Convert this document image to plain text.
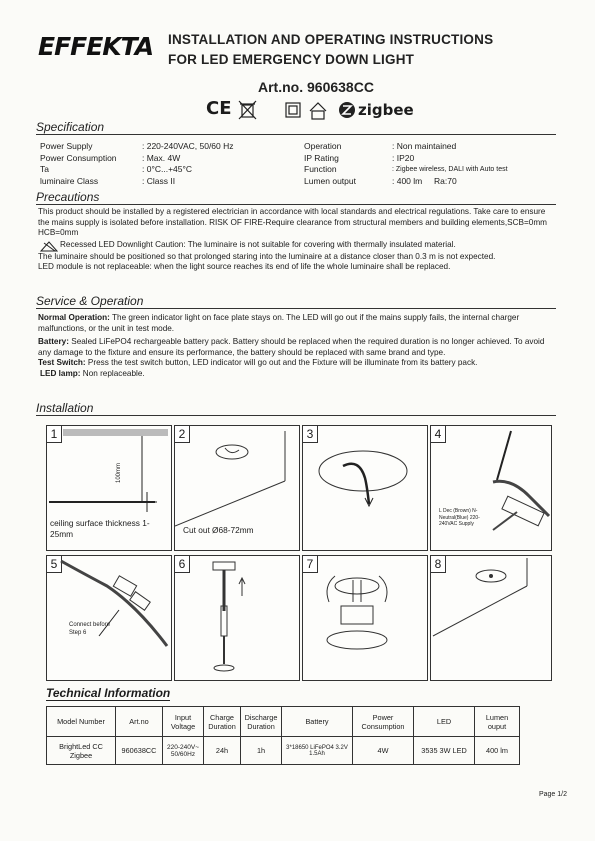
EFFEKTA INSTALLATION AND OPERATING INSTRUCTIONS
FOR LED EMERGENCY DOWN LIGHT
Art.no. 960638CC
CE	zigbee
Specification
Power Supply	: 220-240VAC, 50/60 Hz
Power Consumption	: Max. 4W
Ta	: 0°C...+45°C
luminaire Class	: Class II
Operation	: Non maintained
IP Rating	: IP20
Function	: Zigbee wireless, DALI with Auto test
Lumen output	: 400 lm     Ra:70
Precautions
This product should be installed by a registered electrician in accordance with local standards and electrical regulations. Take care to ensure the mains supply is isolated before installation. RISK OF FIRE-Require clearance from structural members and building elements,SCB=0mm HCB=0mm
Recessed LED Downlight Caution: The luminaire is not suitable for covering with thermally insulated material.
The luminaire should be positioned so that prolonged staring into the luminaire at a distance closer than 0.3 m is not expected.
LED module is not replaceable: when the light source reaches its end of life the whole luminaire shall be replaced.
Service & Operation
Normal Operation: The green indicator light on face plate stays on. The LED will go out if the mains supply fails, the internal charger malfunctions, or the unit in test mode.
Battery: Sealed LiFePO4 rechargeable battery pack. Battery should be replaced when the required duration is no longer achieved. To avoid any damage to the fixture and ensure its performance, the battery should be replaced with same brand and type.
Test Switch: Press the test switch button, LED indicator will go out and the Fixture will be illuminate from its battery pack.
LED lamp: Non replaceable.
Installation
1
100mm
ceiling surface thickness 1-25mm
2
Cut out Ø68-72mm
3	4
L Dec (Brown) N-Neutral(Blue) 220-240VAC Supply
5
Connect before Step 6
6	7	8
Technical Information
Model Number	Art.no	Input Voltage	Charge Duration	Discharge Duration	Battery	Power Consumption	LED	Lumen ouput
BrightLed CC Zigbee	960638CC	220-240V~ 50/60Hz	24h	1h	3*18650 LiFePO4 3.2V 1.5Ah	4W	3535 3W LED	400 lm
Page 1/2
